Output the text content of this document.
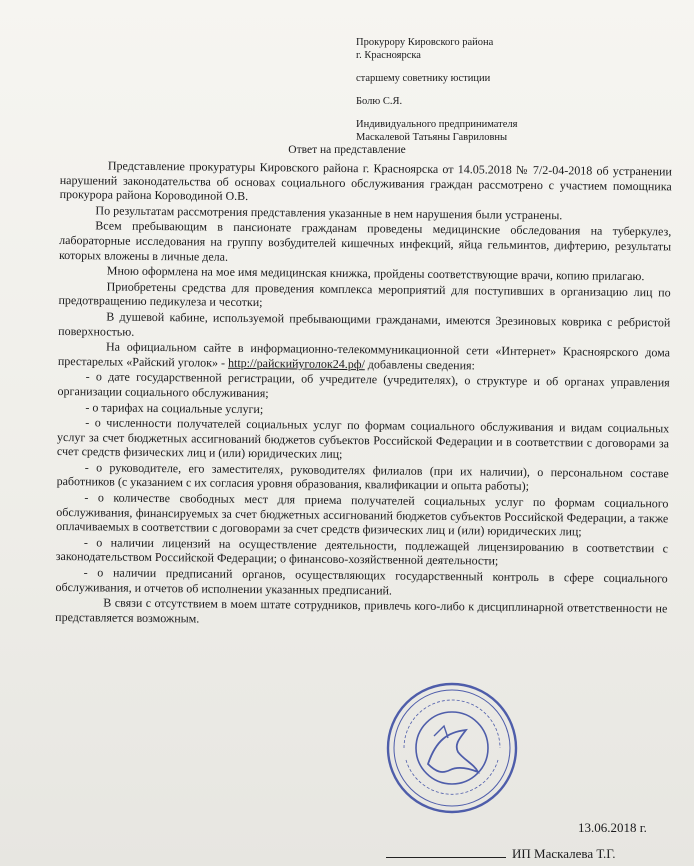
Прокурору Кировского района
г. Красноярска
старшему советнику юстиции
Болю С.Я.
Индивидуального предпринимателя
Маскалевой Татьяны Гавриловны
Ответ на представление

Представление прокуратуры Кировского района г. Красноярска от 14.05.2018 № 7/2-04-2018 об устранении нарушений законодательства об основах социального обслуживания граждан рассмотрено с участием помощника прокурора района Короводиной О.В.

По результатам рассмотрения представления указанные в нем нарушения были устранены.

Всем пребывающим в пансионате гражданам проведены медицинские обследования на туберкулез, лабораторные исследования на группу возбудителей кишечных инфекций, яйца гельминтов, дифтерию, результаты которых вложены в личные дела.

Мною оформлена на мое имя медицинская книжка, пройдены соответствующие врачи, копию прилагаю.

Приобретены средства для проведения комплекса мероприятий для поступивших в организацию лиц по предотвращению педикулеза и чесотки;

В душевой кабине, используемой пребывающими гражданами, имеются 3резиновых коврика с ребристой поверхностью.

На официальном сайте в информационно-телекоммуникационной сети «Интернет» Красноярского дома престарелых «Райский уголок» - http://райскийуголок24.рф/ добавлены сведения:

- о дате государственной регистрации, об учредителе (учредителях), о структуре и об органах управления организации социального обслуживания;

- о тарифах на социальные услуги;

- о численности получателей социальных услуг по формам социального обслуживания и видам социальных услуг за счет бюджетных ассигнований бюджетов субъектов Российской Федерации и в соответствии с договорами за счет средств физических лиц и (или) юридических лиц;

- о руководителе, его заместителях, руководителях филиалов (при их наличии), о персональном составе работников (с указанием с их согласия уровня образования, квалификации и опыта работы);

- о количестве свободных мест для приема получателей социальных услуг по формам социального обслуживания, финансируемых за счет бюджетных ассигнований бюджетов субъектов Российской Федерации, а также оплачиваемых в соответствии с договорами за счет средств физических лиц и (или) юридических лиц;

- о наличии лицензий на осуществление деятельности, подлежащей лицензированию в соответствии с законодательством Российской Федерации; о финансово-хозяйственной деятельности;

- о наличии предписаний органов, осуществляющих государственный контроль в сфере социального обслуживания, и отчетов об исполнении указанных предписаний.

В связи с отсутствием в моем штате сотрудников, привлечь кого-либо к дисциплинарной ответственности не представляется возможным.

13.06.2018 г.
ИП Маскалева Т.Г.
